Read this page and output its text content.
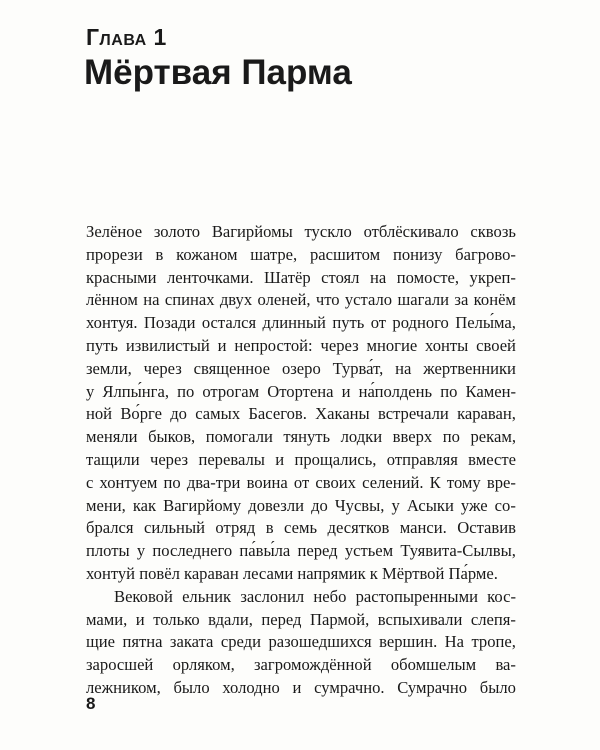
Глава 1
Мёртвая Парма
Зелёное золото Вагирйомы тускло отблёскивало сквозь
прорези в кожаном шатре, расшитом понизу багрово-
красными ленточками. Шатёр стоял на помосте, укреп-
лённом на спинах двух оленей, что устало шагали за конём
хонтуя. Позади остался длинный путь от родного Пелы́ма,
путь извилистый и непростой: через многие хонты своей
земли, через священное озеро Турва́т, на жертвенники
у Ялпы́нга, по отрогам Отортена и на́полдень по Камен-
ной Во́рге до самых Басегов. Хаканы встречали караван,
меняли быков, помогали тянуть лодки вверх по рекам,
тащили через перевалы и прощались, отправляя вместе
с хонтуем по два-три воина от своих селений. К тому вре-
мени, как Вагирйому довезли до Чусвы, у Асыки уже со-
брался сильный отряд в семь десятков манси. Оставив
плоты у последнего па́вы́ла перед устьем Туявита-Сылвы,
хонтуй повёл караван лесами напрямик к Мёртвой Па́рме.
Вековой ельник заслонил небо растопыренными кос-
мами, и только вдали, перед Пармой, вспыхивали слепя-
щие пятна заката среди разошедшихся вершин. На тропе,
заросшей орляком, загромождённой обомшелым ва-
лежником, было холодно и сумрачно. Сумрачно было
8
